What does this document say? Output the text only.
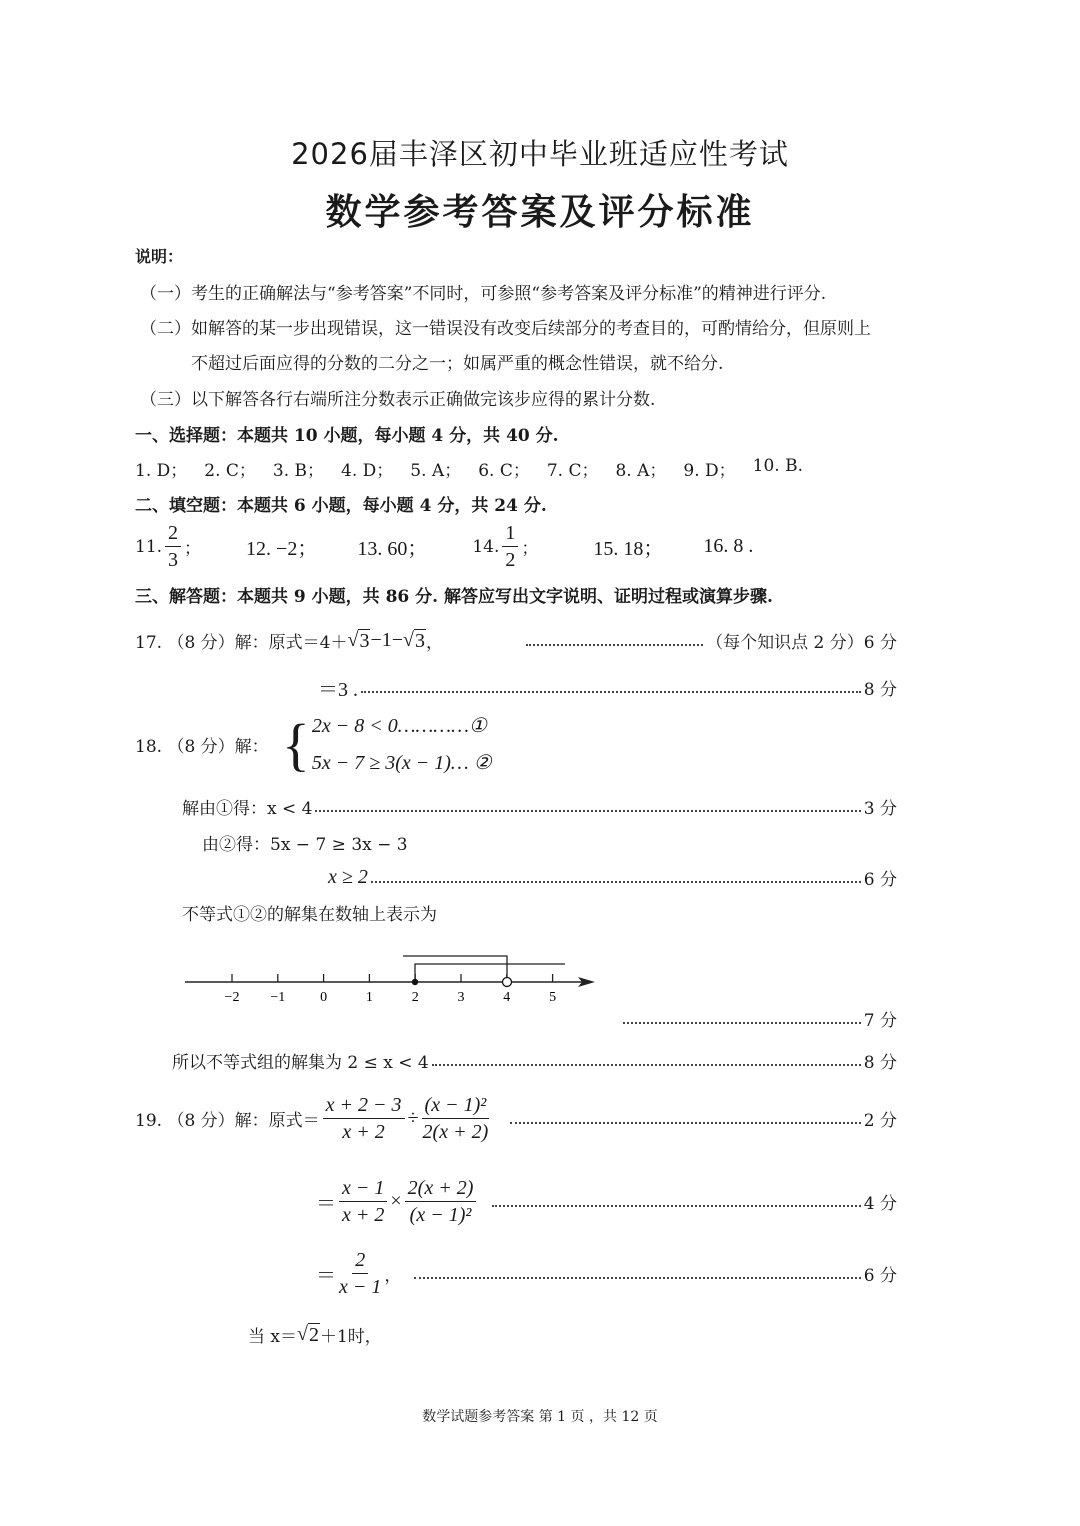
2026届丰泽区初中毕业班适应性考试
数学参考答案及评分标准
说明：
（一）考生的正确解法与“参考答案”不同时，可参照“参考答案及评分标准”的精神进行评分.
（二）如解答的某一步出现错误，这一错误没有改变后续部分的考查目的，可酌情给分，但原则上
不超过后面应得的分数的二分之一；如属严重的概念性错误，就不给分.
（三）以下解答各行右端所注分数表示正确做完该步应得的累计分数.
一、选择题：本题共 10 小题，每小题 4 分，共 40 分.
1. D； 2. C； 3. B； 4. D； 5. A； 6. C； 7. C； 8. A； 9. D； 10. B.
二、填空题：本题共 6 小题，每小题 4 分，共 24 分.
11. $\frac{2}{3}$ ； 12. −2； 13. 60；	14. $\frac{1}{2}$ ；	15. 18； 16. 8 .
三、解答题：本题共 9 小题，共 86 分. 解答应写出文字说明、证明过程或演算步骤.
17. （8 分）解：原式＝4＋ √ 3 −1− √ 3 ，	（每个知识点 2 分）6 分
＝3 .	8 分
18. （8 分）解： { 2x − 8 < 0…………①
5x − 7 ≥ 3(x − 1)… ②
解由①得：x < 4	3 分
由②得：5x − 7 ≥ 3x − 3
x ≥ 2	6 分
不等式①②的解集在数轴上表示为
−2 −1 0	1	2	3	4	5
7 分
所以不等式组的解集为 2 ≤ x < 4	8 分
19. （8 分）解：原式＝ $\frac{x + 2 - 3}{x + 2} \div \frac{\text{(x − 1)²}}{2(x + 2)}$	2 分
＝ $\frac{x - 1}{x + 2} \times \frac{2(x + 2)}{\text{(x − 1)²}}$	4 分
＝ $\frac{2}{x - 1}$ ，	6 分
当 x＝ √ 2 ＋1时，
数学试题参考答案 第 1 页 ，共 12 页
